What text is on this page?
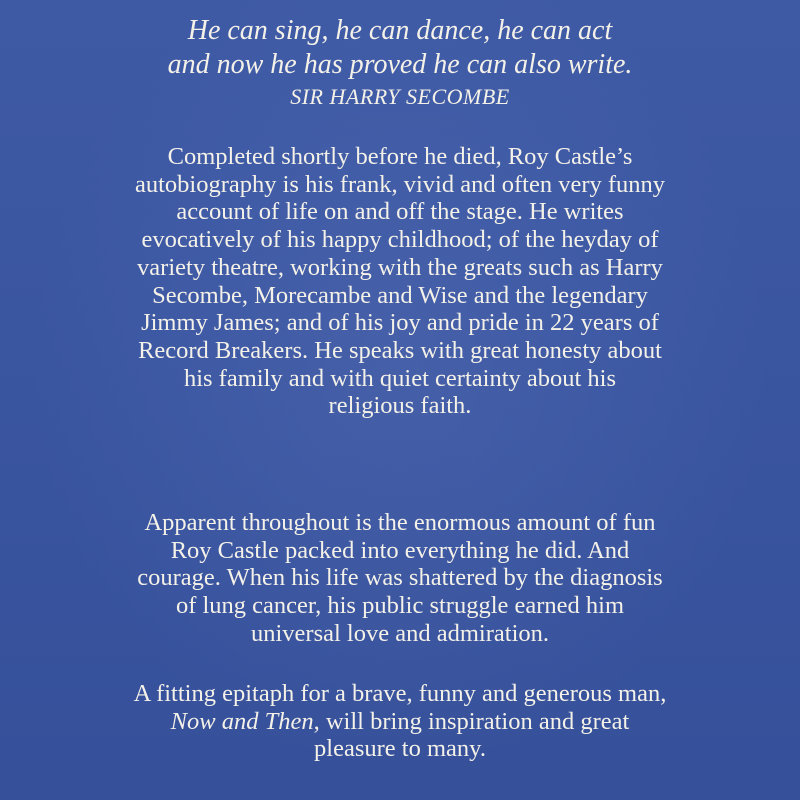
He can sing, he can dance, he can act
and now he has proved he can also write.
SIR HARRY SECOMBE
Completed shortly before he died, Roy Castle’s
autobiography is his frank, vivid and often very funny
account of life on and off the stage. He writes
evocatively of his happy childhood; of the heyday of
variety theatre, working with the greats such as Harry
Secombe, Morecambe and Wise and the legendary
Jimmy James; and of his joy and pride in 22 years of
Record Breakers. He speaks with great honesty about
his family and with quiet certainty about his
religious faith.
Apparent throughout is the enormous amount of fun
Roy Castle packed into everything he did. And
courage. When his life was shattered by the diagnosis
of lung cancer, his public struggle earned him
universal love and admiration.
A fitting epitaph for a brave, funny and generous man,
Now and Then, will bring inspiration and great
pleasure to many.
